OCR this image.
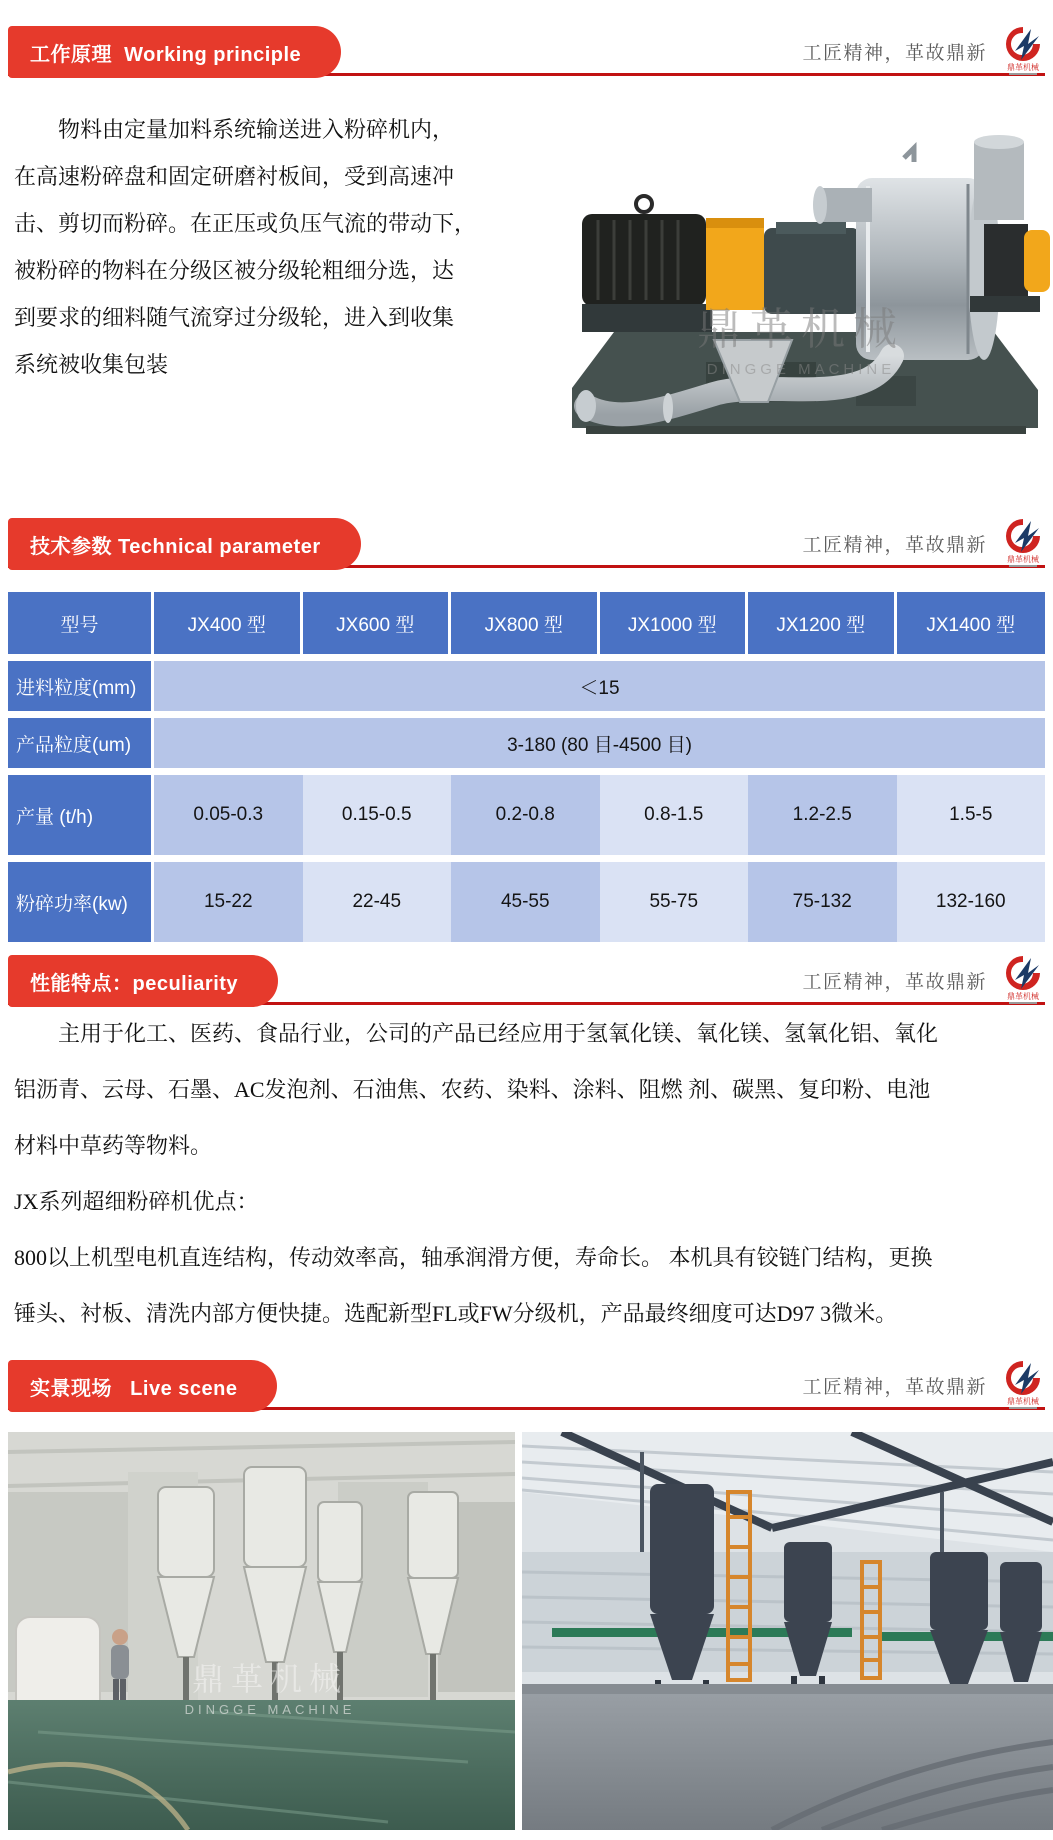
工作原理  Working principle	工匠精神，革故鼎新
鼎革机械
物料由定量加料系统输送进入粉碎机内，
在高速粉碎盘和固定研磨衬板间，受到高速冲
击、剪切而粉碎。在正压或负压气流的带动下，
被粉碎的物料在分级区被分级轮粗细分选，达
到要求的细料随气流穿过分级轮，进入到收集
系统被收集包装
鼎革机械
DINGGE MACHINE
技术参数 Technical parameter	工匠精神，革故鼎新
鼎革机械
型号	JX400 型	JX600 型	JX800 型	JX1000 型	JX1200 型	JX1400 型
进料粒度(mm)	＜15
产品粒度(um)	3-180 (80 目-4500 目)
产量 (t/h)	0.05-0.3	0.15-0.5	0.2-0.8	0.8-1.5	1.2-2.5	1.5-5
粉碎功率(kw)	15-22	22-45	45-55	55-75	75-132	132-160
性能特点：peculiarity	工匠精神，革故鼎新
鼎革机械
主用于化工、医药、食品行业，公司的产品已经应用于氢氧化镁、氧化镁、氢氧化铝、氧化
铝沥青、云母、石墨、AC发泡剂、石油焦、农药、染料、涂料、阻燃 剂、碳黑、复印粉、电池
材料中草药等物料。
JX系列超细粉碎机优点：
800以上机型电机直连结构，传动效率高，轴承润滑方便，寿命长。 本机具有铰链门结构，更换
锤头、衬板、清洗内部方便快捷。选配新型FL或FW分级机，产品最终细度可达D97 3微米。
实景现场   Live scene	工匠精神，革故鼎新
鼎革机械
鼎革机械
DINGGE MACHINE
